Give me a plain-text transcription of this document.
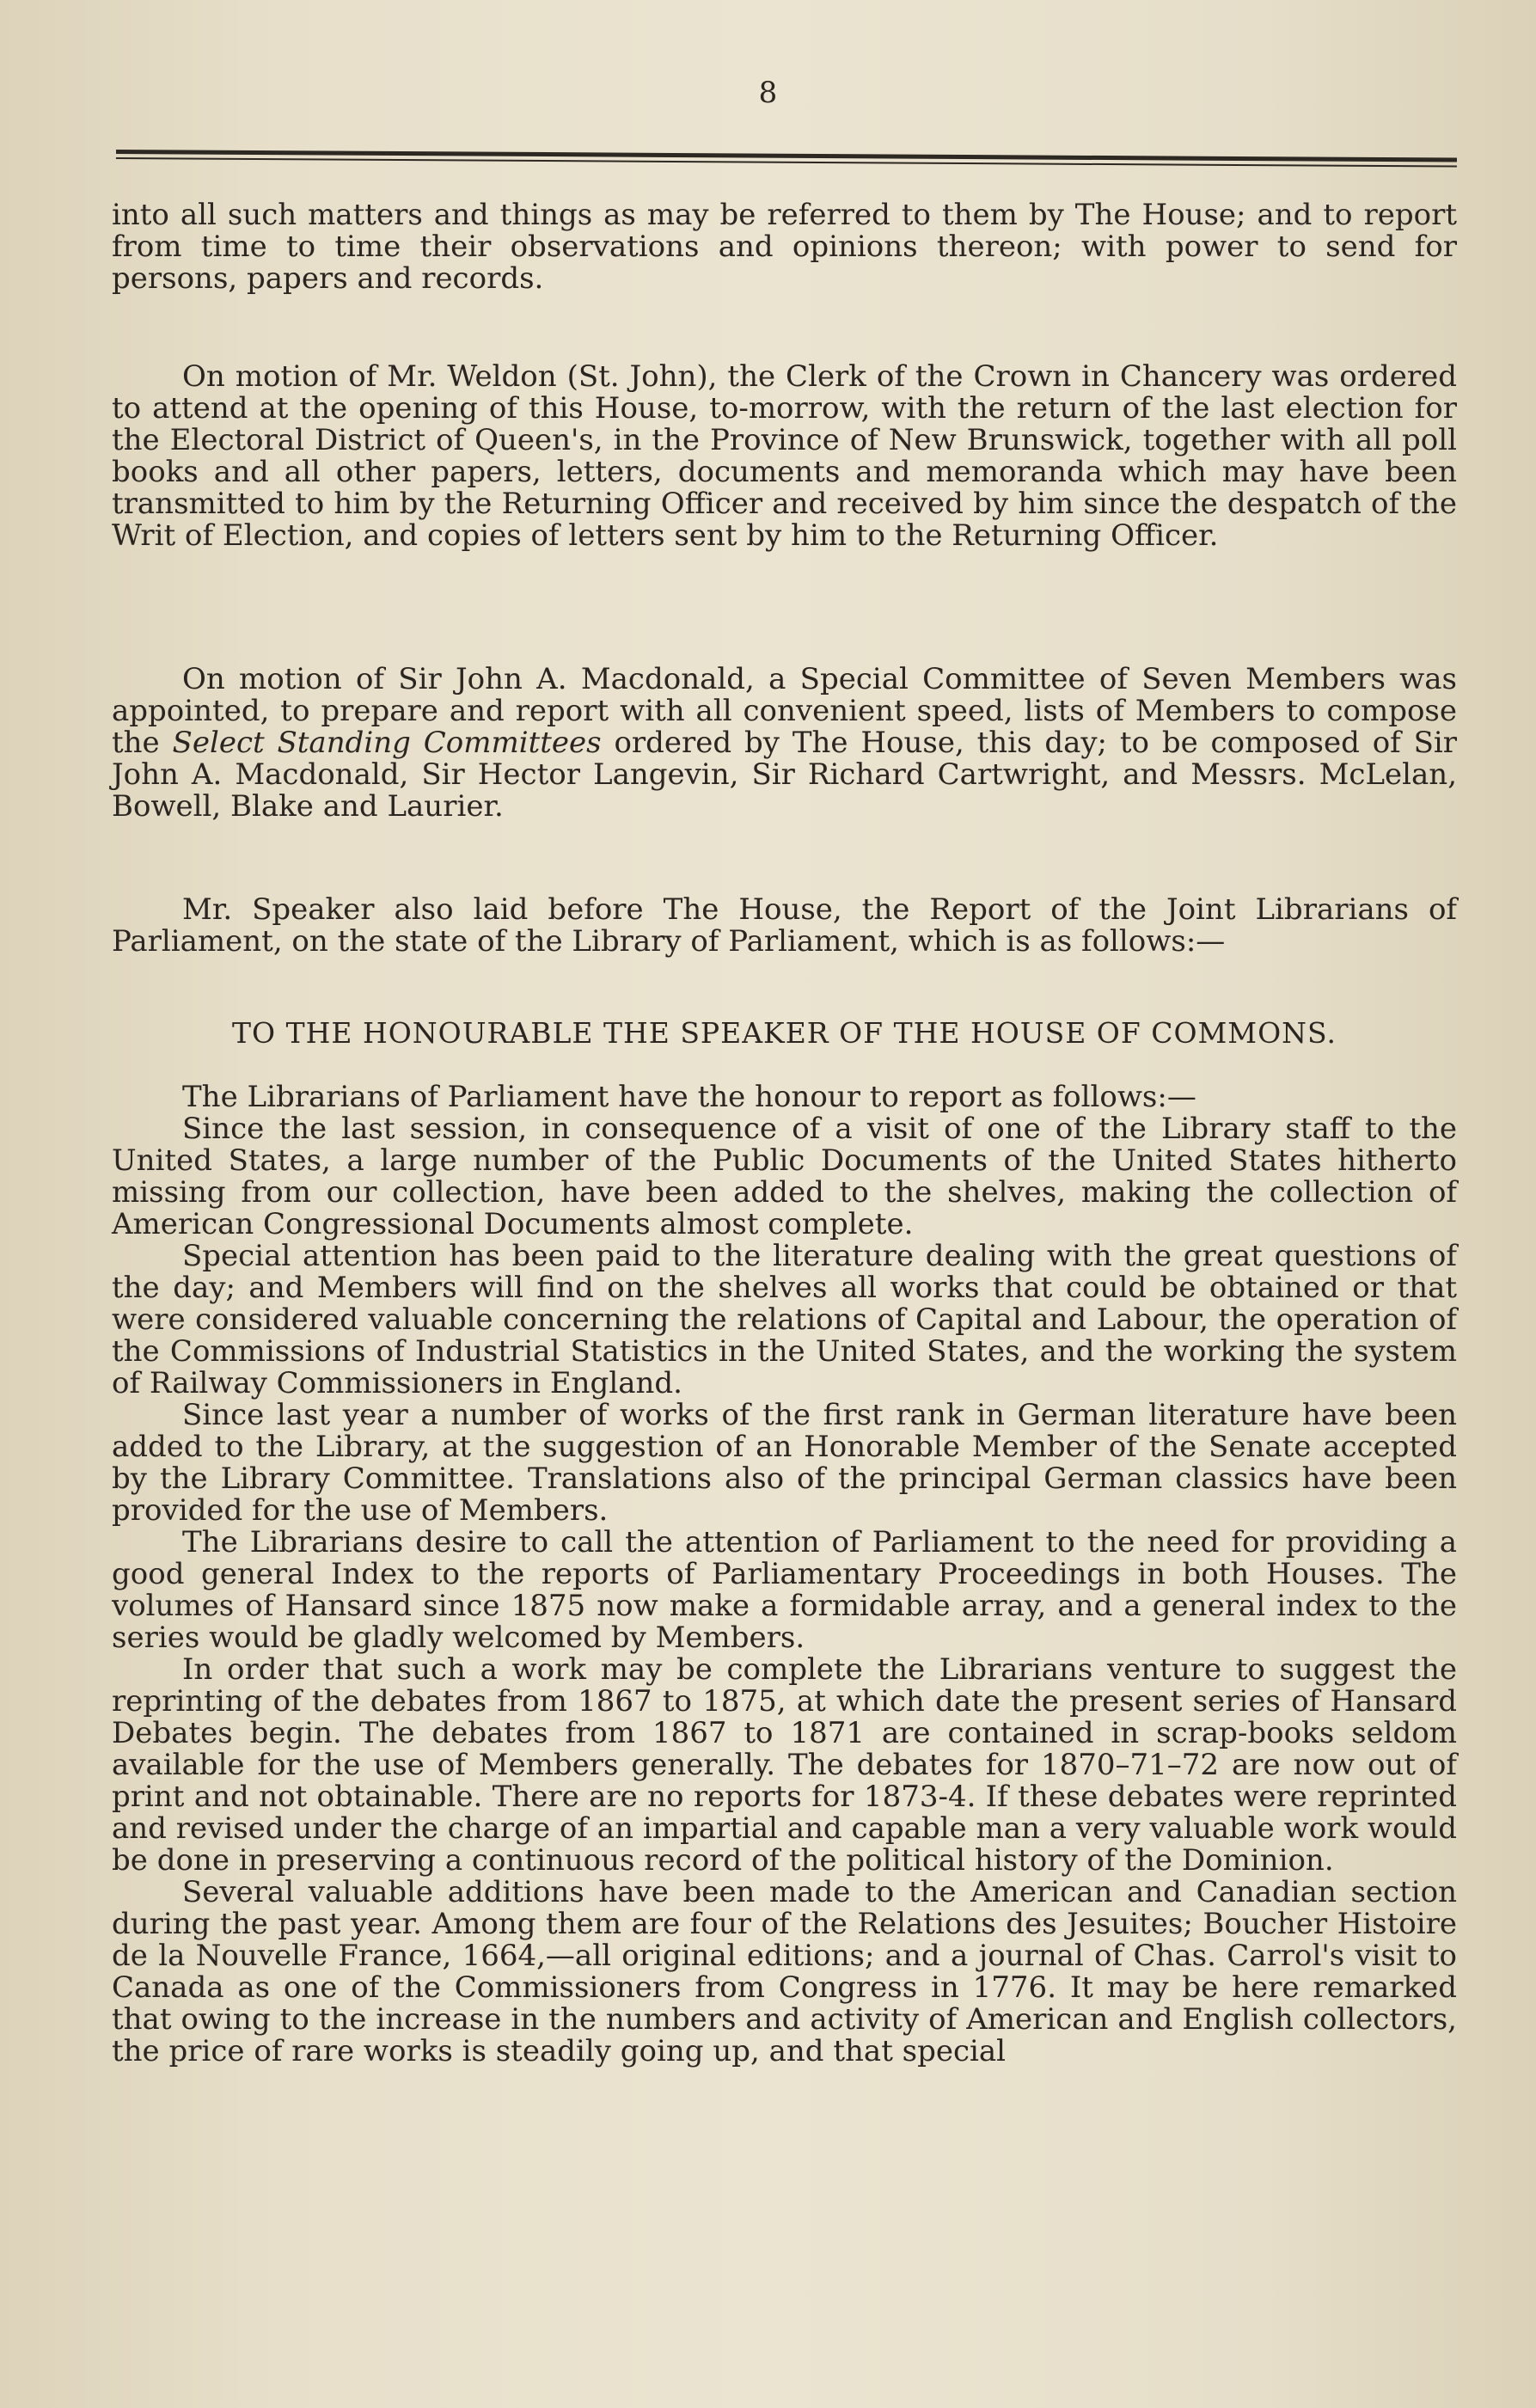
8

into all such matters and things as may be referred to them by The House; and to report from time to time their observations and opinions thereon; with power to send for persons, papers and records.

On motion of Mr. Weldon (St. John), the Clerk of the Crown in Chancery was ordered to attend at the opening of this House, to-morrow, with the return of the last election for the Electoral District of Queen's, in the Province of New Brunswick, together with all poll books and all other papers, letters, documents and memoranda which may have been transmitted to him by the Returning Officer and received by him since the despatch of the Writ of Election, and copies of letters sent by him to the Returning Officer.

On motion of Sir John A. Macdonald, a Special Committee of Seven Members was appointed, to prepare and report with all convenient speed, lists of Members to compose the Select Standing Committees ordered by The House, this day; to be composed of Sir John A. Macdonald, Sir Hector Langevin, Sir Richard Cartwright, and Messrs. McLelan, Bowell, Blake and Laurier.

Mr. Speaker also laid before The House, the Report of the Joint Librarians of Parliament, on the state of the Library of Parliament, which is as follows:—

TO THE HONOURABLE THE SPEAKER OF THE HOUSE OF COMMONS.

The Librarians of Parliament have the honour to report as follows:—

Since the last session, in consequence of a visit of one of the Library staff to the United States, a large number of the Public Documents of the United States hitherto missing from our collection, have been added to the shelves, making the collection of American Congressional Documents almost complete.

Special attention has been paid to the literature dealing with the great questions of the day; and Members will find on the shelves all works that could be obtained or that were considered valuable concerning the relations of Capital and Labour, the operation of the Commissions of Industrial Statistics in the United States, and the working the system of Railway Commissioners in England.

Since last year a number of works of the first rank in German literature have been added to the Library, at the suggestion of an Honorable Member of the Senate accepted by the Library Committee. Translations also of the principal German classics have been provided for the use of Members.

The Librarians desire to call the attention of Parliament to the need for providing a good general Index to the reports of Parliamentary Proceedings in both Houses. The volumes of Hansard since 1875 now make a formidable array, and a general index to the series would be gladly welcomed by Members.

In order that such a work may be complete the Librarians venture to suggest the reprinting of the debates from 1867 to 1875, at which date the present series of Hansard Debates begin. The debates from 1867 to 1871 are contained in scrap-books seldom available for the use of Members generally. The debates for 1870–71–72 are now out of print and not obtainable. There are no reports for 1873-4. If these debates were reprinted and revised under the charge of an impartial and capable man a very valuable work would be done in preserving a continuous record of the political history of the Dominion.

Several valuable additions have been made to the American and Canadian section during the past year. Among them are four of the Relations des Jesuites; Boucher Histoire de la Nouvelle France, 1664,—all original editions; and a journal of Chas. Carrol's visit to Canada as one of the Commissioners from Congress in 1776. It may be here remarked that owing to the increase in the numbers and activity of American and English collectors, the price of rare works is steadily going up, and that special
